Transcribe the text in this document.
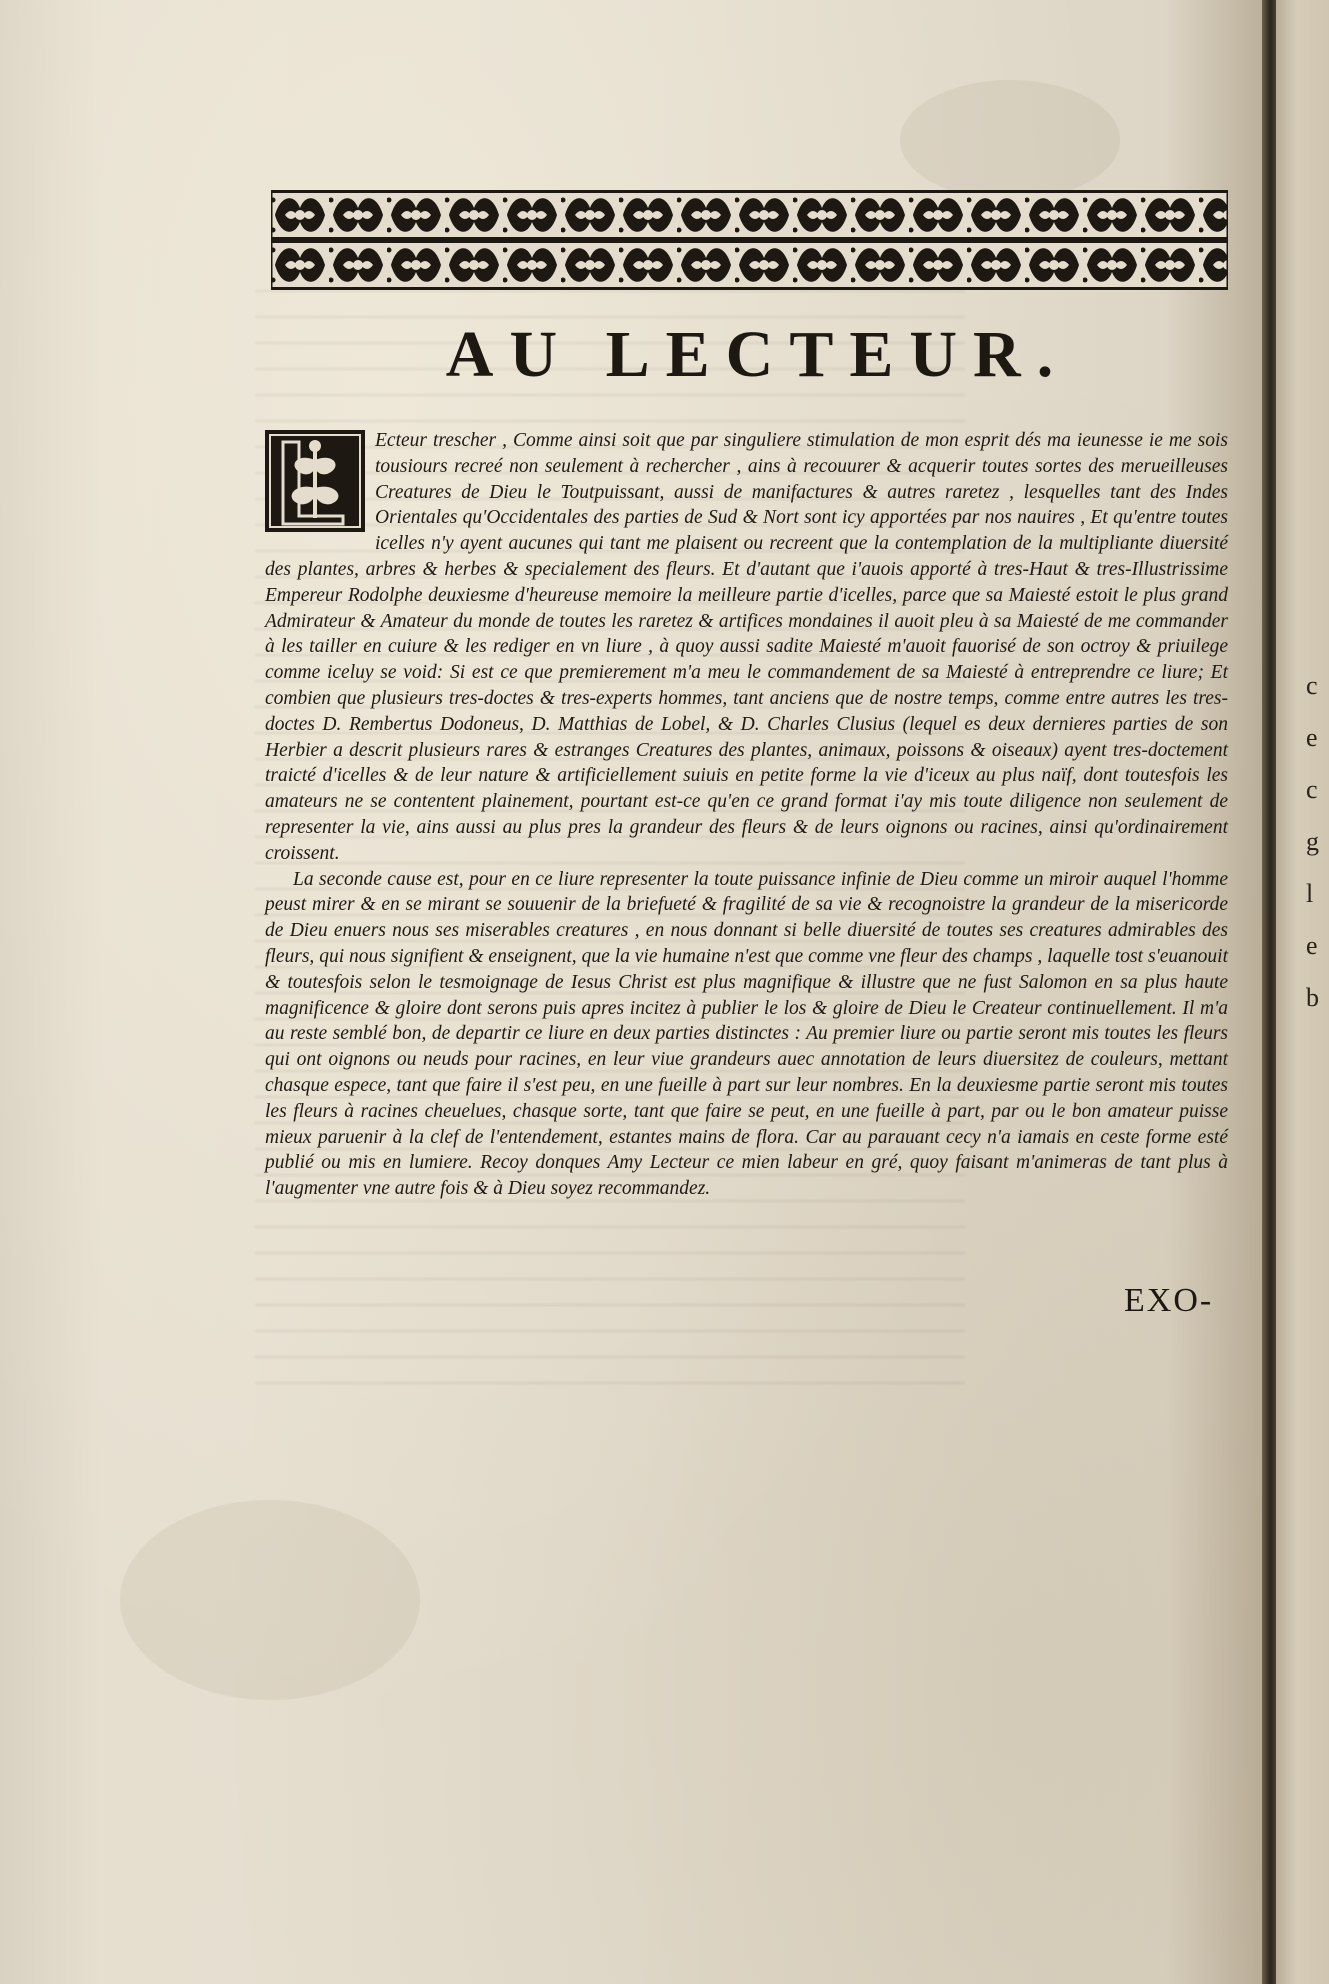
AU LECTEUR.

Ecteur trescher , Comme ainsi soit que par singuliere stimulation de mon esprit dés ma ieunesse ie me sois tousiours recreé non seulement à rechercher , ains à recouurer & acquerir toutes sortes des merueilleuses Creatures de Dieu le Toutpuissant, aussi de manifactures & autres raretez , lesquelles tant des Indes Orientales qu'Occidentales des parties de Sud & Nort sont icy apportées par nos nauires , Et qu'entre toutes icelles n'y ayent aucunes qui tant me plaisent ou recreent que la contemplation de la multipliante diuersité des plantes, arbres & herbes & specialement des fleurs. Et d'autant que i'auois apporté à tres-Haut & tres-Illustrissime Empereur Rodolphe deuxiesme d'heureuse memoire la meilleure partie d'icelles, parce que sa Maiesté estoit le plus grand Admirateur & Amateur du monde de toutes les raretez & artifices mondaines il auoit pleu à sa Maiesté de me commander à les tailler en cuiure & les rediger en vn liure , à quoy aussi sadite Maiesté m'auoit fauorisé de son octroy & priuilege comme iceluy se void: Si est ce que premierement m'a meu le commandement de sa Maiesté à entreprendre ce liure; Et combien que plusieurs tres-doctes & tres-experts hommes, tant anciens que de nostre temps, comme entre autres les tres-doctes D. Rembertus Dodoneus, D. Matthias de Lobel, & D. Charles Clusius (lequel es deux dernieres parties de son Herbier a descrit plusieurs rares & estranges Creatures des plantes, animaux, poissons & oiseaux) ayent tres-doctement traicté d'icelles & de leur nature & artificiellement suiuis en petite forme la vie d'iceux au plus naïf, dont toutesfois les amateurs ne se contentent plainement, pourtant est-ce qu'en ce grand format i'ay mis toute diligence non seulement de representer la vie, ains aussi au plus pres la grandeur des fleurs & de leurs oignons ou racines, ainsi qu'ordinairement croissent.

La seconde cause est, pour en ce liure representer la toute puissance infinie de Dieu comme un miroir auquel l'homme peust mirer & en se mirant se souuenir de la briefueté & fragilité de sa vie & recognoistre la grandeur de la misericorde de Dieu enuers nous ses miserables creatures , en nous donnant si belle diuersité de toutes ses creatures admirables des fleurs, qui nous signifient & enseignent, que la vie humaine n'est que comme vne fleur des champs , laquelle tost s'euanouit & toutesfois selon le tesmoignage de Iesus Christ est plus magnifique & illustre que ne fust Salomon en sa plus haute magnificence & gloire dont serons puis apres incitez à publier le los & gloire de Dieu le Createur continuellement. Il m'a au reste semblé bon, de departir ce liure en deux parties distinctes : Au premier liure ou partie seront mis toutes les fleurs qui ont oignons ou neuds pour racines, en leur viue grandeurs auec annotation de leurs diuersitez de couleurs, mettant chasque espece, tant que faire il s'est peu, en une fueille à part sur leur nombres. En la deuxiesme partie seront mis toutes les fleurs à racines cheuelues, chasque sorte, tant que faire se peut, en une fueille à part, par ou le bon amateur puisse mieux paruenir à la clef de l'entendement, estantes mains de flora. Car au parauant cecy n'a iamais en ceste forme esté publié ou mis en lumiere. Recoy donques Amy Lecteur ce mien labeur en gré, quoy faisant m'animeras de tant plus à l'augmenter vne autre fois & à Dieu soyez recommandez.

EXO-

c e c g l e b
